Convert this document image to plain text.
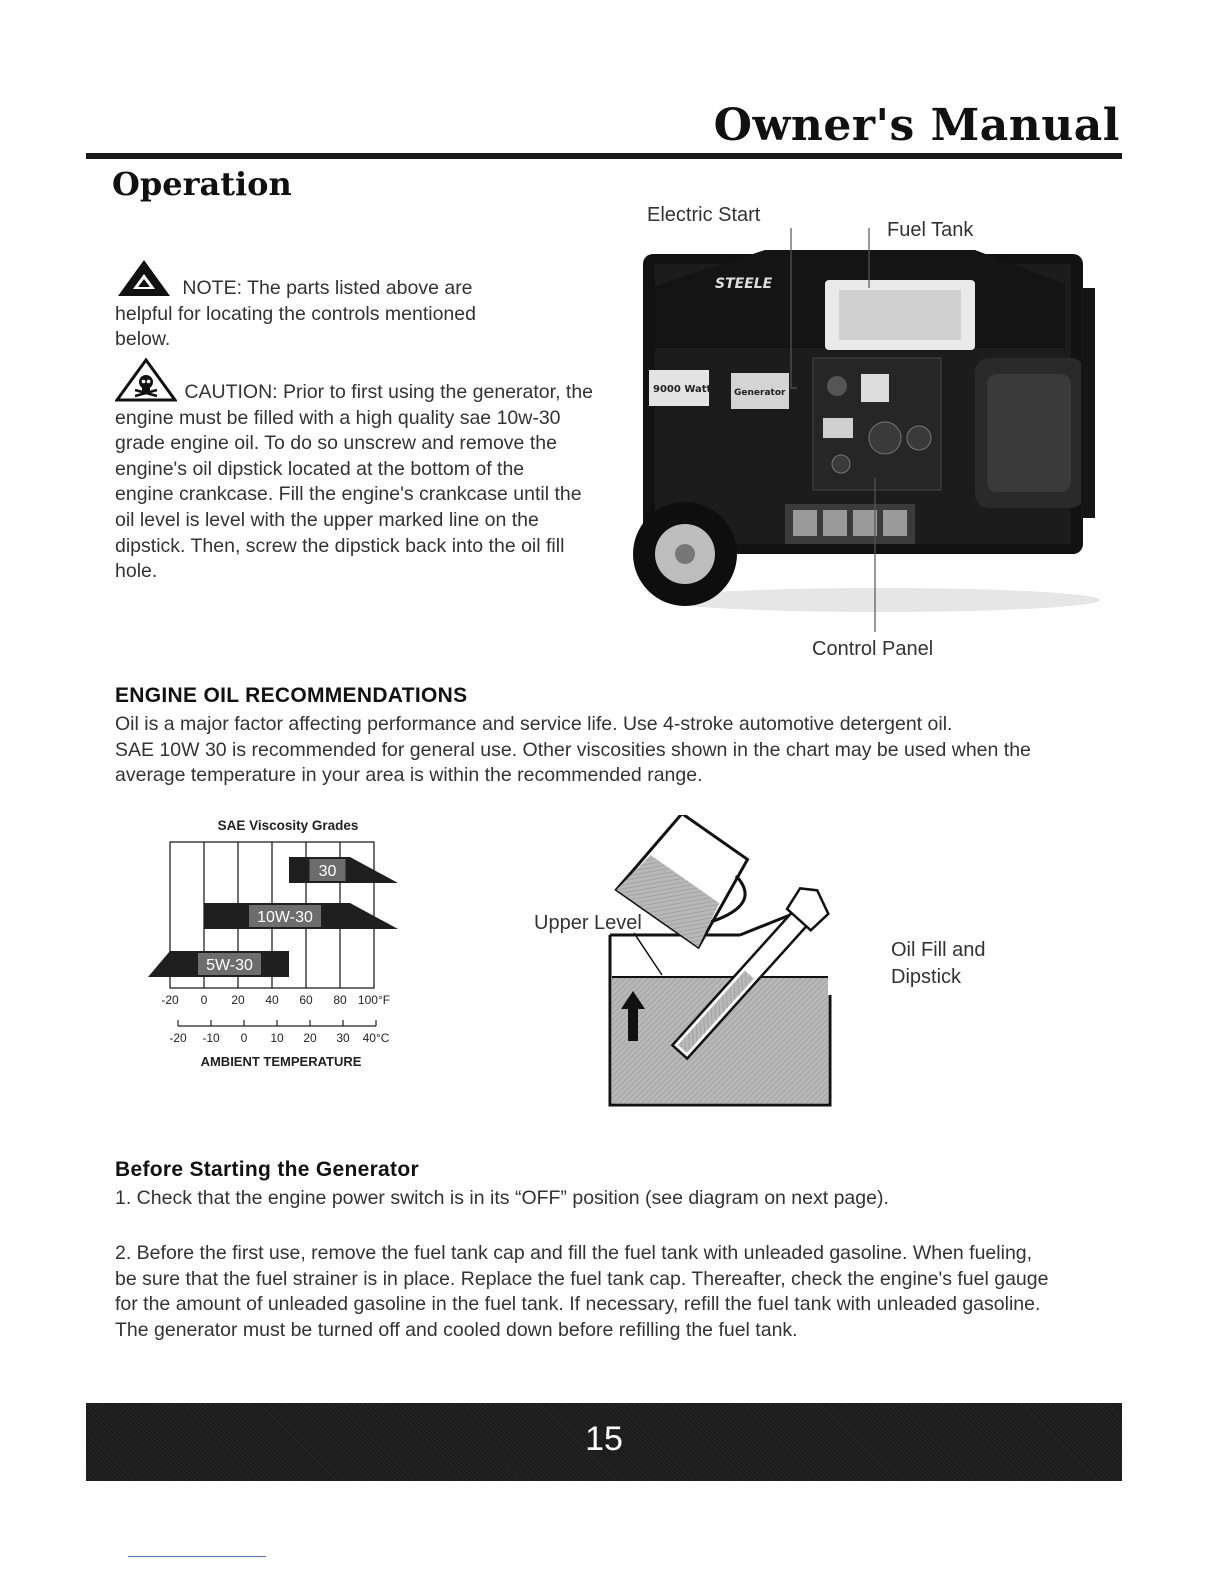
Owner's Manual
Operation
NOTE: The parts listed above are
helpful for locating the controls mentioned
below.
CAUTION: Prior to first using the generator, the
engine must be filled with a high quality sae 10w-30
grade engine oil. To do so unscrew and remove the
engine's oil dipstick located at the bottom of the
engine crankcase. Fill the engine's crankcase until the
oil level is level with the upper marked line on the
dipstick. Then, screw the dipstick back into the oil fill
hole.
Electric Start
Fuel Tank
Control Panel
STEELE
9000 Watt	Generator
ENGINE OIL RECOMMENDATIONS
Oil is a major factor affecting performance and service life. Use 4-stroke automotive detergent oil.
SAE 10W 30 is recommended for general use. Other viscosities shown in the chart may be used when the
average temperature in your area is within the recommended range.
SAE Viscosity Grades
30
10W-30
5W-30
-20 0 20 40 60 80 100°F
-20 -10 0 10 20 30 40°C
AMBIENT TEMPERATURE
Upper Level
Oil Fill and
Dipstick
Before Starting the Generator
1. Check that the engine power switch is in its “OFF” position (see diagram on next page).
2. Before the first use, remove the fuel tank cap and fill the fuel tank with unleaded gasoline. When fueling,
be sure that the fuel strainer is in place. Replace the fuel tank cap. Thereafter, check the engine's fuel gauge
for the amount of unleaded gasoline in the fuel tank. If necessary, refill the fuel tank with unleaded gasoline.
The generator must be turned off and cooled down before refilling the fuel tank.
15
